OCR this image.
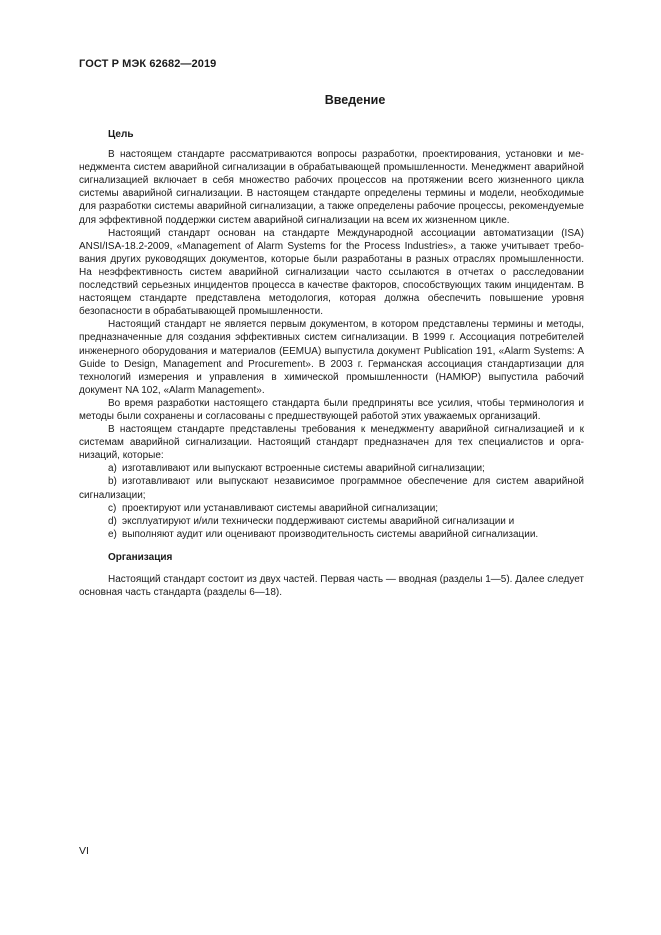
ГОСТ Р МЭК 62682—2019
Введение
Цель

В настоящем стандарте рассматриваются вопросы разработки, проектирования, установки и менеджмента систем аварийной сигнализации в обрабатывающей промышленности. Менеджмент аварийной сигнализацией включает в себя множество рабочих процессов на протяжении всего жизненного цикла системы аварийной сигнализации. В настоящем стандарте определены термины и модели, необходимые для разработки системы аварийной сигнализации, а также определены рабочие процессы, рекомендуемые для эффективной поддержки систем аварийной сигнализации на всем их жизненном цикле.

Настоящий стандарт основан на стандарте Международной ассоциации автоматизации (ISA) ANSI/ISA-18.2-2009, «Management of Alarm Systems for the Process Industries», а также учитывает требования других руководящих документов, которые были разработаны в разных отраслях промышленности. На неэффективность систем аварийной сигнализации часто ссылаются в отчетах о расследовании последствий серьезных инцидентов процесса в качестве факторов, способствующих таким инцидентам. В настоящем стандарте представлена методология, которая должна обеспечить повышение уровня безопасности в обрабатывающей промышленности.

Настоящий стандарт не является первым документом, в котором представлены термины и методы, предназначенные для создания эффективных систем сигнализации. В 1999 г. Ассоциация потребителей инженерного оборудования и материалов (EEMUA) выпустила документ Publication 191, «Alarm Systems: A Guide to Design, Management and Procurement». В 2003 г. Германская ассоциация стандартизации для технологий измерения и управления в химической промышленности (НАМЮР) выпустила рабочий документ NA 102, «Alarm Management».

Во время разработки настоящего стандарта были предприняты все усилия, чтобы терминология и методы были сохранены и согласованы с предшествующей работой этих уважаемых организаций.

В настоящем стандарте представлены требования к менеджменту аварийной сигнализацией и к системам аварийной сигнализации. Настоящий стандарт предназначен для тех специалистов и организаций, которые:

a) изготавливают или выпускают встроенные системы аварийной сигнализации;

b) изготавливают или выпускают независимое программное обеспечение для систем аварийной сигнализации;

c) проектируют или устанавливают системы аварийной сигнализации;

d) эксплуатируют и/или технически поддерживают системы аварийной сигнализации и

e) выполняют аудит или оценивают производительность системы аварийной сигнализации.

Организация

Настоящий стандарт состоит из двух частей. Первая часть — вводная (разделы 1—5). Далее следует основная часть стандарта (разделы 6—18).

VI
